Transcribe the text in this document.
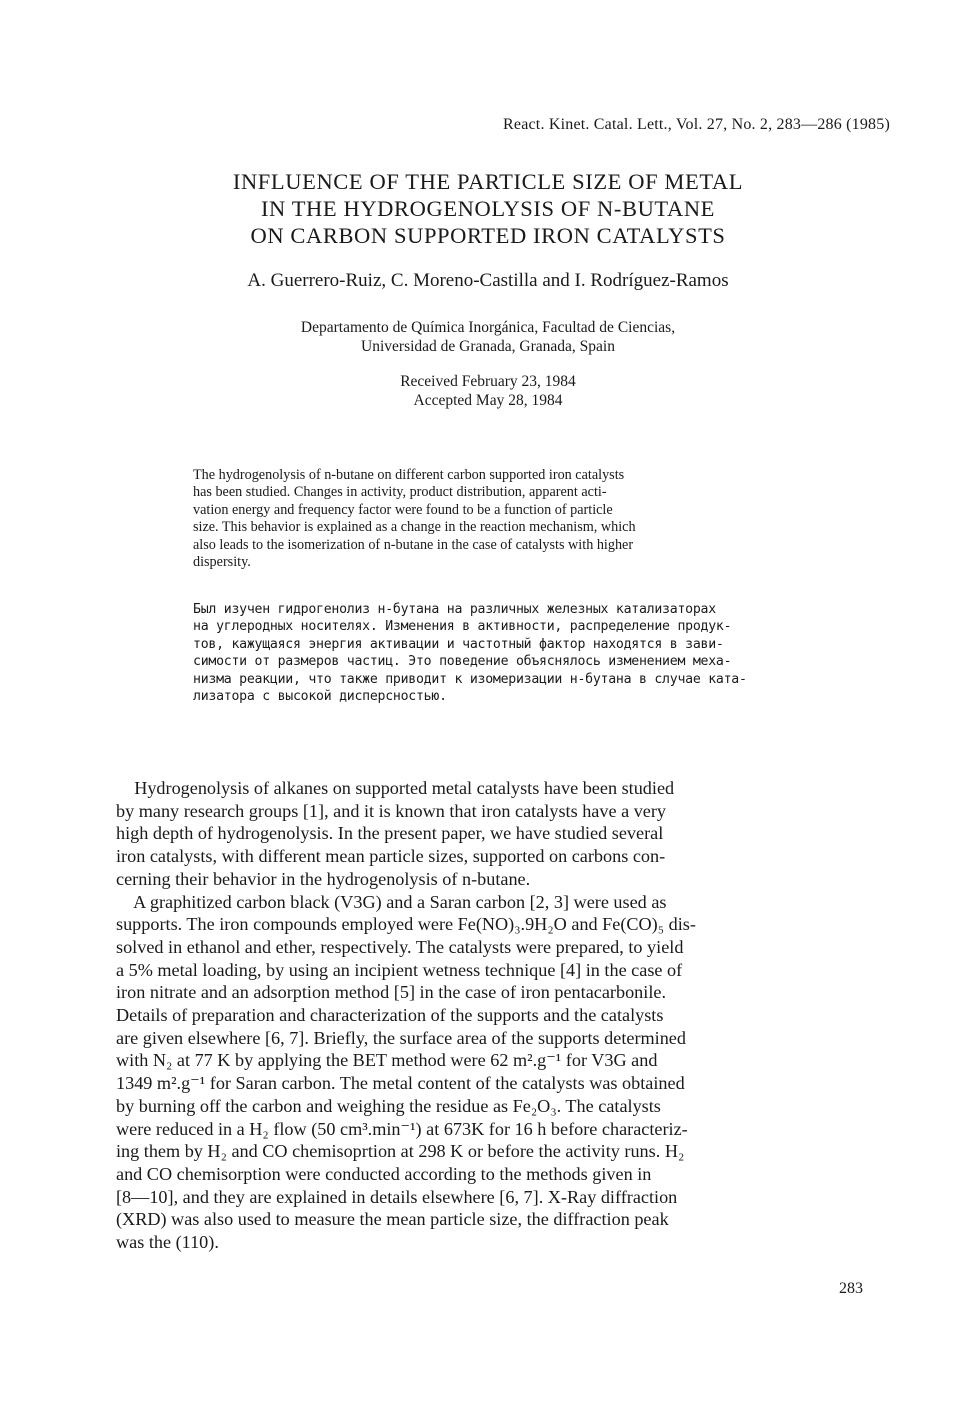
React. Kinet. Catal. Lett., Vol. 27, No. 2, 283—286 (1985)
INFLUENCE OF THE PARTICLE SIZE OF METAL
IN THE HYDROGENOLYSIS OF N-BUTANE
ON CARBON SUPPORTED IRON CATALYSTS
A. Guerrero-Ruiz, C. Moreno-Castilla and I. Rodríguez-Ramos
Departamento de Química Inorgánica, Facultad de Ciencias,
Universidad de Granada, Granada, Spain
Received February 23, 1984
Accepted May 28, 1984
The hydrogenolysis of n-butane on different carbon supported iron catalysts
has been studied. Changes in activity, product distribution, apparent acti-
vation energy and frequency factor were found to be a function of particle
size. This behavior is explained as a change in the reaction mechanism, which
also leads to the isomerization of n-butane in the case of catalysts with higher
dispersity.
Был изучен гидрогенолиз н-бутана на различных железных катализаторах
на углеродных носителях. Изменения в активности, распределение продук-
тов, кажущаяся энергия активации и частотный фактор находятся в зави-
симости от размеров частиц. Это поведение объяснялось изменением меха-
низма реакции, что также приводит к изомеризации н-бутана в случае ката-
лизатора с высокой дисперсностью.
Hydrogenolysis of alkanes on supported metal catalysts have been studied
by many research groups [1], and it is known that iron catalysts have a very
high depth of hydrogenolysis. In the present paper, we have studied several
iron catalysts, with different mean particle sizes, supported on carbons con-
cerning their behavior in the hydrogenolysis of n-butane.
A graphitized carbon black (V3G) and a Saran carbon [2, 3] were used as
supports. The iron compounds employed were Fe(NO)₃.9H₂O and Fe(CO)₅ dis-
solved in ethanol and ether, respectively. The catalysts were prepared, to yield
a 5% metal loading, by using an incipient wetness technique [4] in the case of
iron nitrate and an adsorption method [5] in the case of iron pentacarbonile.
Details of preparation and characterization of the supports and the catalysts
are given elsewhere [6, 7]. Briefly, the surface area of the supports determined
with N₂ at 77 K by applying the BET method were 62 m².g⁻¹ for V3G and
1349 m².g⁻¹ for Saran carbon. The metal content of the catalysts was obtained
by burning off the carbon and weighing the residue as Fe₂O₃. The catalysts
were reduced in a H₂ flow (50 cm³.min⁻¹) at 673K for 16 h before characteriz-
ing them by H₂ and CO chemisoprtion at 298 K or before the activity runs. H₂
and CO chemisorption were conducted according to the methods given in
[8—10], and they are explained in details elsewhere [6, 7]. X-Ray diffraction
(XRD) was also used to measure the mean particle size, the diffraction peak
was the (110).
283
